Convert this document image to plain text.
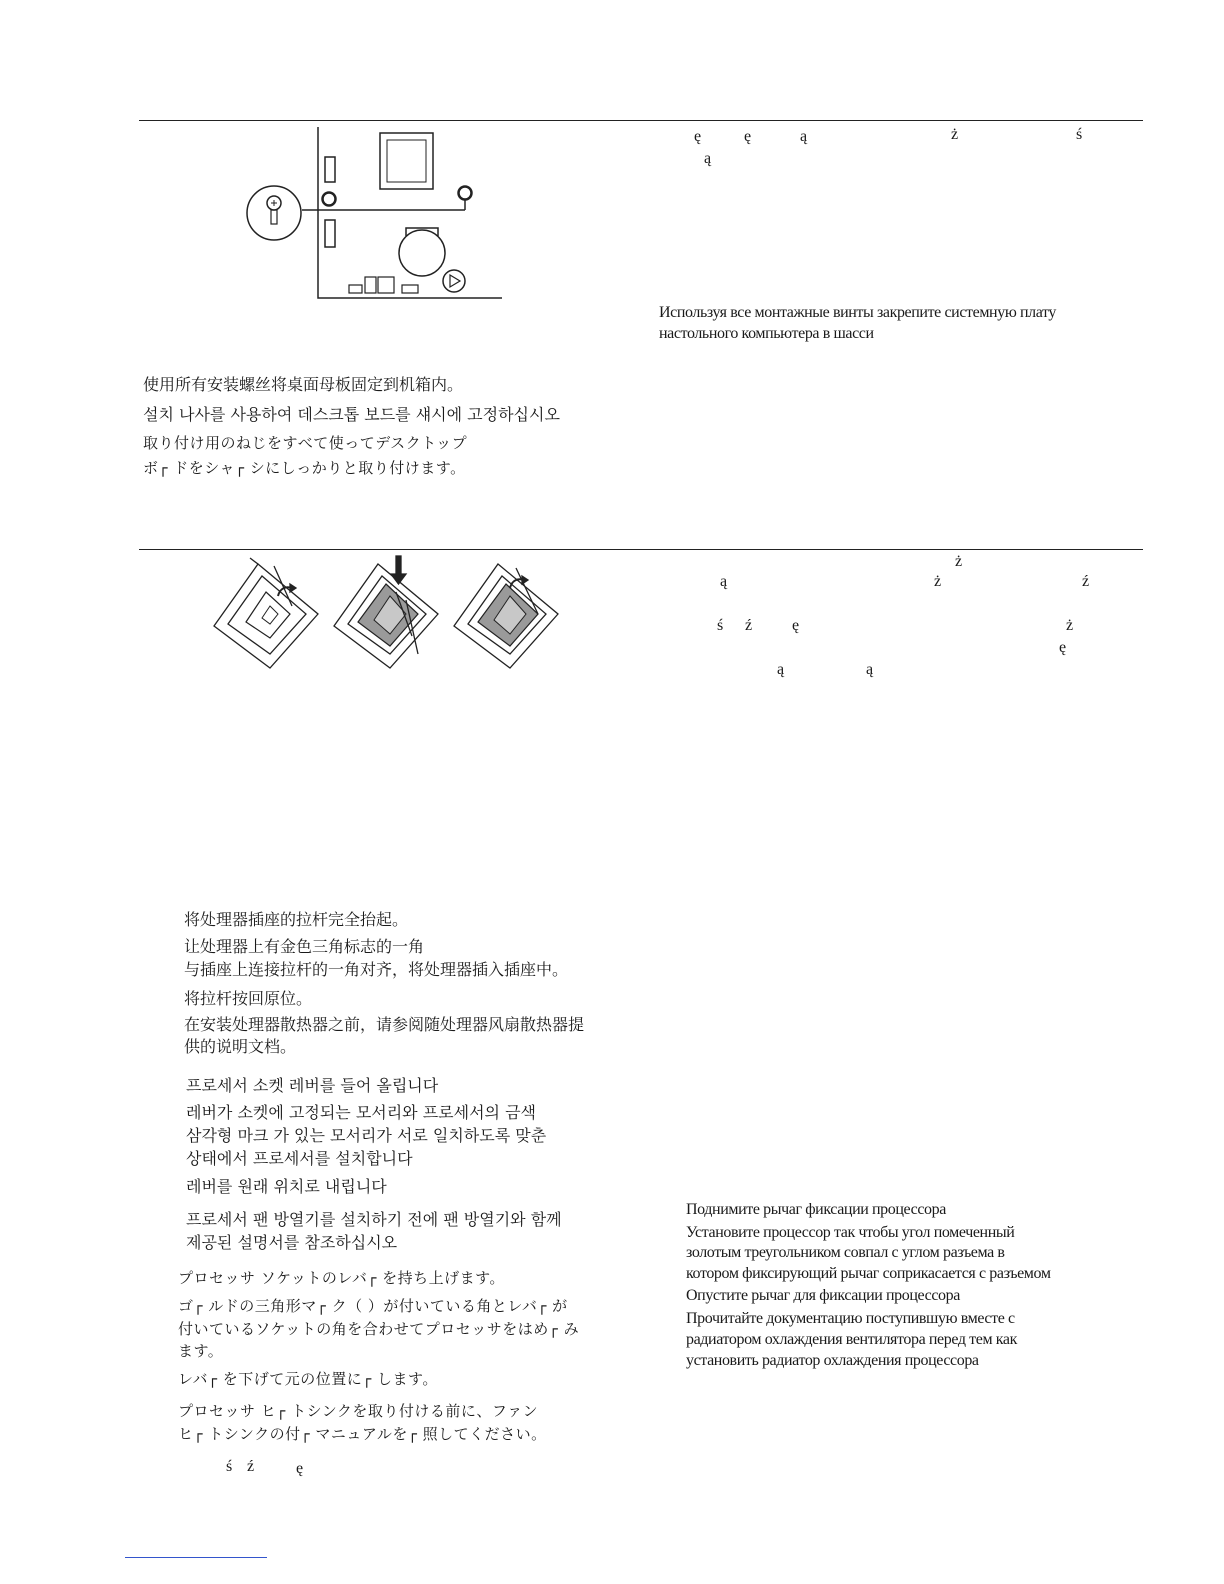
ę	ę	ą	ż	ś
ą
Используя все монтажные винты закрепите системную плату
настольного компьютера в шасси
使用所有安装螺丝将桌面母板固定到机箱内。
설치 나사를 사용하여 데스크톱 보드를 섀시에 고정하십시오
取り付け用のねじをすべて使ってデスクトップ
ボ┌ ドをシャ┌ シにしっかりと取り付けます。
ż
ą	ż	ź
ś ź ę	ż
ę
ą	ą
将处理器插座的拉杆完全抬起。
让处理器上有金色三角标志的一角
与插座上连接拉杆的一角对齐，将处理器插入插座中。
将拉杆按回原位。
在安装处理器散热器之前，请参阅随处理器风扇散热器提
供的说明文档。
프로세서 소켓 레버를 들어 올립니다
레버가 소켓에 고정되는 모서리와 프로세서의 금색
삼각형 마크 가 있는 모서리가 서로 일치하도록 맞춘
상태에서 프로세서를 설치합니다
레버를 원래 위치로 내립니다
프로세서 팬 방열기를 설치하기 전에 팬 방열기와 함께
제공된 설명서를 참조하십시오
プロセッサ ソケットのレバ┌ を持ち上げます。
ゴ┌ ルドの三角形マ┌ ク（ ）が付いている角とレバ┌ が
付いているソケットの角を合わせてプロセッサをはめ┌ み
ます。
レバ┌ を下げて元の位置に┌ します。
プロセッサ ヒ┌ トシンクを取り付ける前に、ファン
ヒ┌ トシンクの付┌ マニュアルを┌ 照してください。
Поднимите рычаг фиксации процессора
Установите процессор так чтобы угол помеченный
золотым треугольником совпал с углом разъема в
котором фиксирующий рычаг соприкасается с разъемом
Опустите рычаг для фиксации процессора
Прочитайте документацию поступившую вместе с
радиатором охлаждения вентилятора перед тем как
установить радиатор охлаждения процессора
ś ź	ę
